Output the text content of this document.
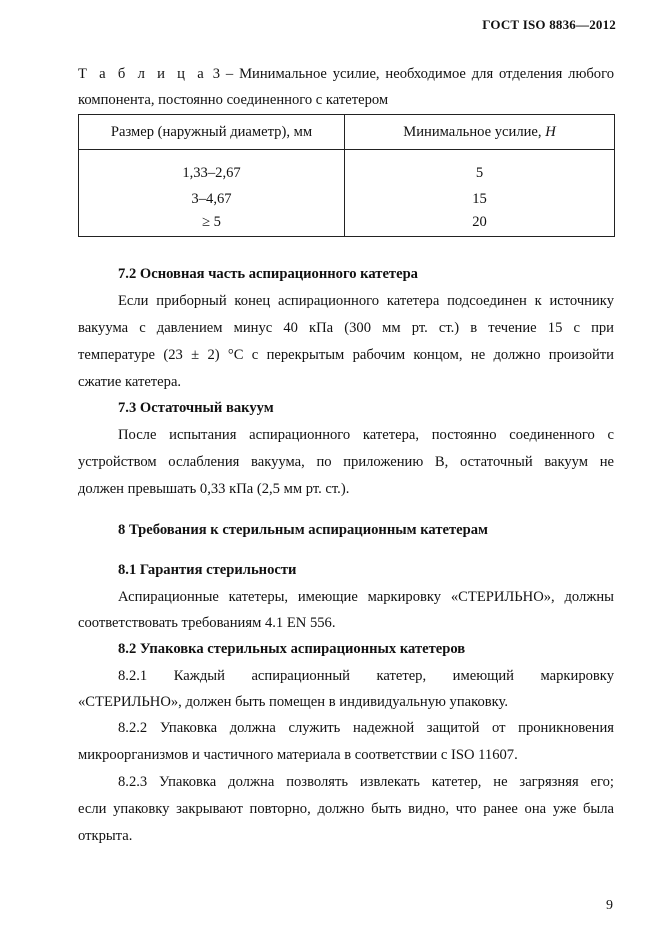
ГОСТ ISO 8836—2012
Т а б л и ц а 3 – Минимальное усилие, необходимое для отделения любого
компонента, постоянно соединенного с катетером
Размер (наружный диаметр), мм	Минимальное усилие, Н
1,33–2,67	5
3–4,67	15
≥ 5	20
7.2 Основная часть аспирационного катетера
Если приборный конец аспирационного катетера подсоединен к источнику
вакуума с давлением минус 40 кПа (300 мм рт. ст.) в течение 15 с при
температуре (23 ± 2) °С с перекрытым рабочим концом, не должно произойти
сжатие катетера.
7.3 Остаточный вакуум
После испытания аспирационного катетера, постоянно соединенного с
устройством ослабления вакуума, по приложению В, остаточный вакуум не
должен превышать 0,33 кПа (2,5 мм рт. ст.).
8 Требования к стерильным аспирационным катетерам
8.1 Гарантия стерильности
Аспирационные катетеры, имеющие маркировку «СТЕРИЛЬНО», должны
соответствовать требованиям 4.1 EN 556.
8.2 Упаковка стерильных аспирационных катетеров
8.2.1 Каждый аспирационный катетер, имеющий маркировку
«СТЕРИЛЬНО», должен быть помещен в индивидуальную упаковку.
8.2.2 Упаковка должна служить надежной защитой от проникновения
микроорганизмов и частичного материала в соответствии с ISO 11607.
8.2.3 Упаковка должна позволять извлекать катетер, не загрязняя его;
если упаковку закрывают повторно, должно быть видно, что ранее она уже была
открыта.
9
